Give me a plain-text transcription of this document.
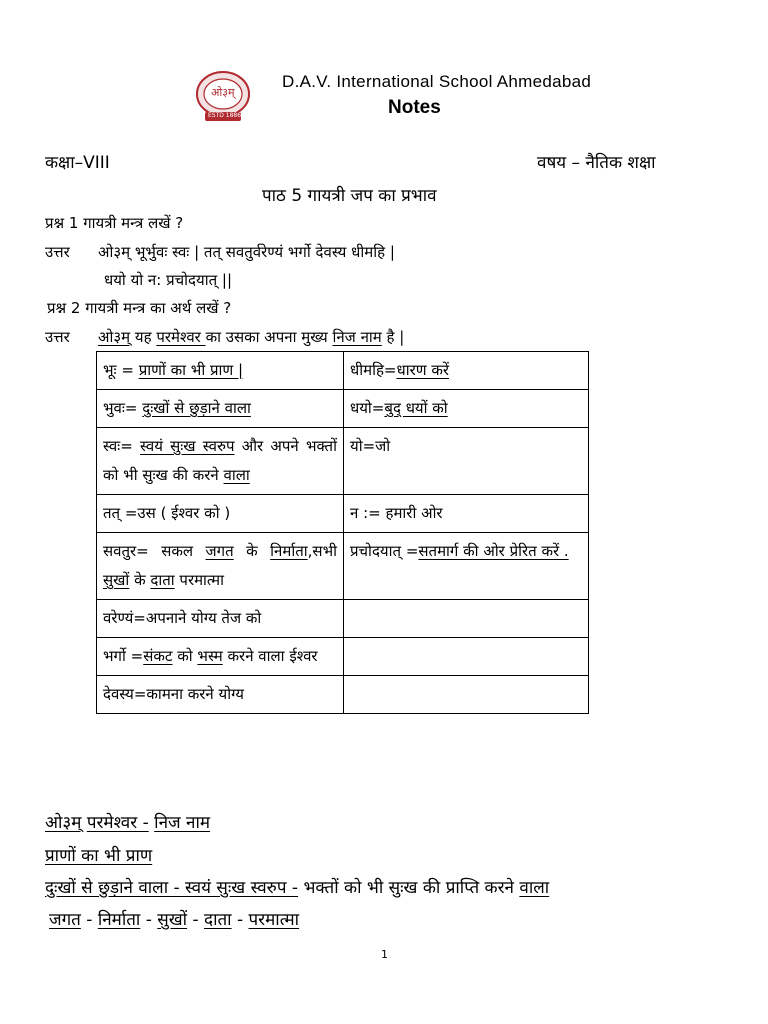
ओ३म्
ESTD 1886
D.A.V. International School Ahmedabad
Notes
कक्षा–VIII	वषय – नैतिक शक्षा
पाठ 5 गायत्री जप का प्रभाव
प्रश्न 1 गायत्री मन्त्र लखें ?
उत्तर ओ३म् भूर्भुवः स्वः | तत् सवतुर्वरेण्यं भर्गो देवस्य धीमहि |
धयो यो न: प्रचोदयात् ||
प्रश्न 2 गायत्री मन्त्र का अर्थ लखें ?
उत्तर ओ३म् यह परमेश्वर का उसका अपना मुख्य निज नाम है |
भूः = प्राणों का भी प्राण |	धीमहि=धारण करें
भुवः= दुःखों से छुड़ाने वाला	धयो=बुद् धयों को

स्वः= स्वयं सुःख स्वरुप और अपने भक्तों को भी सुःख की करने वाला	यो=जो
तत् =उस ( ईश्वर को )	न := हमारी ओर

सवतुर= सकल जगत के निर्माता,सभी सुखों के दाता परमात्मा	प्रचोदयात् =सतमार्ग की ओर प्रेरित करें .

वरेण्यं=अपनाने योग्य तेज को	
भर्गो =संकट को भस्म करने वाला ईश्वर	
देवस्य=कामना करने योग्य	
ओ३म् परमेश्वर - निज नाम
प्राणों का भी प्राण
दुःखों से छुड़ाने वाला - स्वयं सुःख स्वरुप - भक्तों को भी सुःख की प्राप्ति करने वाला
जगत - निर्माता - सुखों - दाता - परमात्मा
1
